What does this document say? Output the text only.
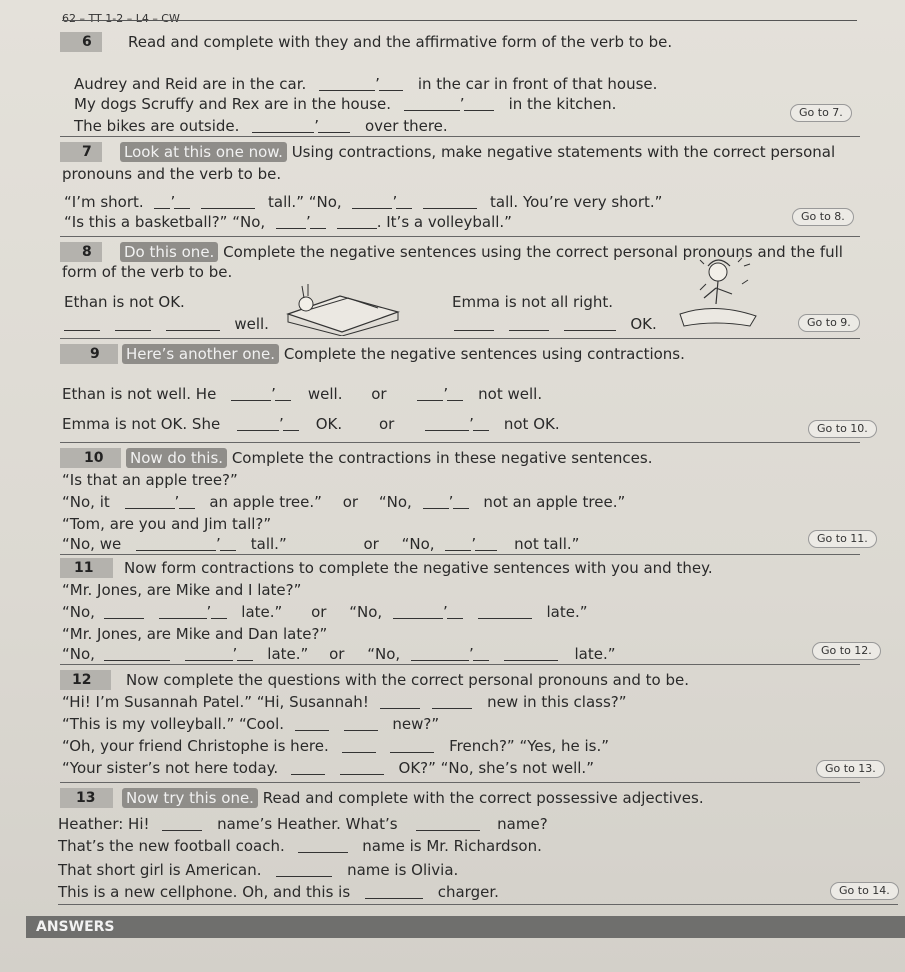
62 – TT 1-2 – L4 – CW
6	Read and complete with they and the affirmative form of the verb to be.
Audrey and Reid are in the car.	’	in the car in front of that house.
My dogs Scruffy and Rex are in the house.	’	in the kitchen.
The bikes are outside.	’	over there.
Go to 7.
7	Look at this one now. Using contractions, make negative statements with the correct personal
pronouns and the verb to be.
“I’m short. ’	tall.” “No,	’	tall. You’re very short.”
“Is this a basketball?” “No,	’	. It’s a volleyball.”	Go to 8.
8	Do this one. Complete the negative sentences using the correct personal pronouns and the full
form of the verb to be.
Ethan is not OK.
well.
Emma is not all right.
OK.	Go to 9.
9	Here’s another one. Complete the negative sentences using contractions.
Ethan is not well. He	’ well. or	’ not well.
Emma is not OK. She	’ OK. or	’ not OK.	Go to 10.
10	Now do this. Complete the contractions in these negative sentences.
“Is that an apple tree?”
“No, it	’ an apple tree.” or “No, ’ not an apple tree.”
“Tom, are you and Jim tall?”
“No, we	’ tall.”	or “No, ’	not tall.”	Go to 11.
11	Now form contractions to complete the negative sentences with you and they.
“Mr. Jones, are Mike and I late?”
“No,	’ late.” or “No,	’	late.”
“Mr. Jones, are Mike and Dan late?”
“No,	’ late.” or “No,	’	late.”	Go to 12.
12	Now complete the questions with the correct personal pronouns and to be.
“Hi! I’m Susannah Patel.” “Hi, Susannah!	new in this class?”
“This is my volleyball.” “Cool.	new?”
“Oh, your friend Christophe is here.	French?” “Yes, he is.”
“Your sister’s not here today.	OK?” “No, she’s not well.”	Go to 13.
13	Now try this one. Read and complete with the correct possessive adjectives.
Heather: Hi!	name’s Heather. What’s	name?
That’s the new football coach.	name is Mr. Richardson.
That short girl is American.	name is Olivia.
This is a new cellphone. Oh, and this is	charger.	Go to 14.
ANSWERS
